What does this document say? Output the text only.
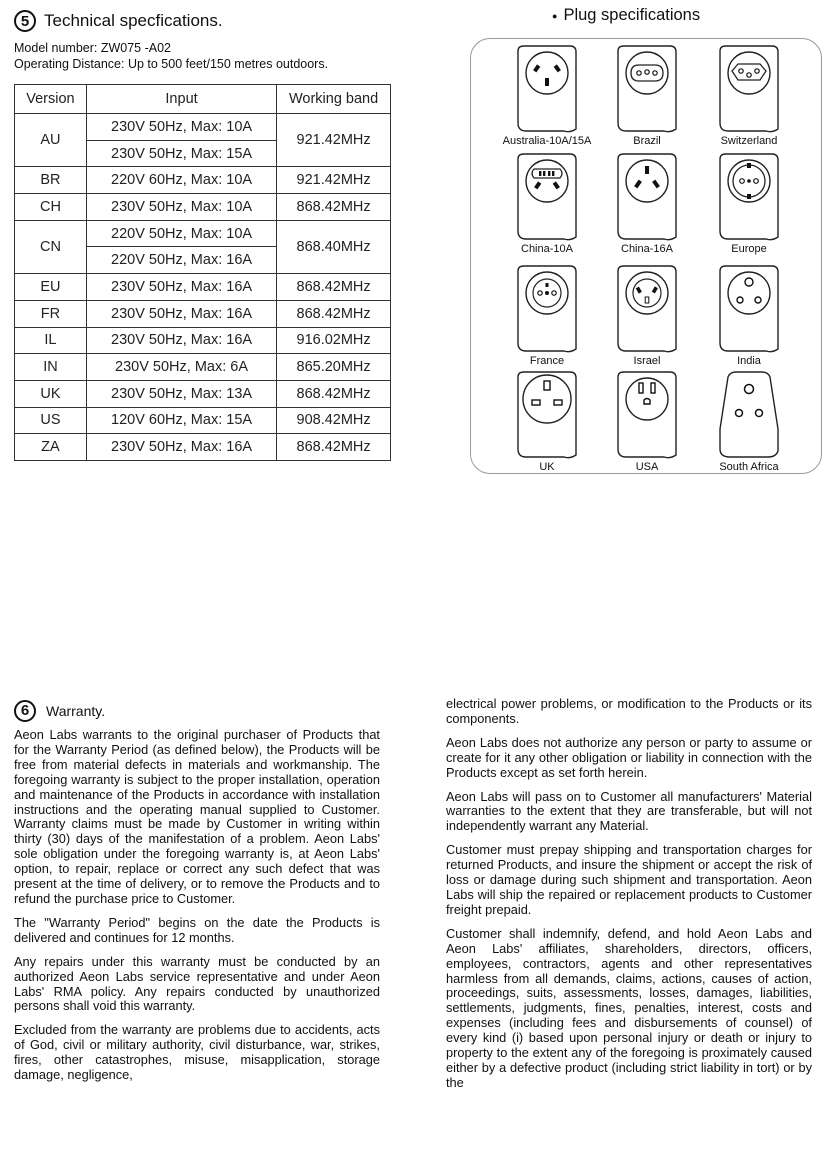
5 Technical specfications.
Model number: ZW075 -A02
Operating Distance: Up to 500 feet/150 metres outdoors.
Version	Input	Working band
AU	230V 50Hz, Max: 10A	921.42MHz
	230V 50Hz, Max: 15A	
BR	220V 60Hz, Max: 10A	921.42MHz
CH	230V 50Hz, Max: 10A	868.42MHz
CN	220V 50Hz, Max: 10A	868.40MHz
	220V 50Hz, Max: 16A	
EU	230V 50Hz, Max: 16A	868.42MHz
FR	230V 50Hz, Max: 16A	868.42MHz
IL	230V 50Hz, Max: 16A	916.02MHz
IN	230V 50Hz, Max: 6A	865.20MHz
UK	230V 50Hz, Max: 13A	868.42MHz
US	120V 60Hz, Max: 15A	908.42MHz
ZA	230V 50Hz, Max: 16A	868.42MHz
● Plug specifications
Australia-10A/15A	Brazil	Switzerland
China-10A	China-16A	Europe
France	Israel	India
UK	USA	South Africa
6	Warranty.

Aeon Labs warrants to the original purchaser of Products that for the Warranty Period (as defined below), the Products will be free from material defects in materials and workmanship. The foregoing warranty is subject to the proper installation, operation and maintenance of the Products in accordance with installation instructions and the operating manual supplied to Customer. Warranty claims must be made by Customer in writing within thirty (30) days of the manifestation of a problem. Aeon Labs' sole obligation under the foregoing warranty is, at Aeon Labs' option, to repair, replace or correct any such defect that was present at the time of delivery, or to remove the Products and to refund the purchase price to Customer.

The "Warranty Period" begins on the date the Products is delivered and continues for 12 months.

Any repairs under this warranty must be conducted by an authorized Aeon Labs service representative and under Aeon Labs' RMA policy. Any repairs conducted by unauthorized persons shall void this warranty.

Excluded from the warranty are problems due to accidents, acts of God, civil or military authority, civil disturbance, war, strikes, fires, other catastrophes, misuse, misapplication, storage damage, negligence,

electrical power problems, or modification to the Products or its components.

Aeon Labs does not authorize any person or party to assume or create for it any other obligation or liability in connection with the Products except as set forth herein.

Aeon Labs will pass on to Customer all manufacturers' Material warranties to the extent that they are transferable, but will not independently warrant any Material.

Customer must prepay shipping and transportation charges for returned Products, and insure the shipment or accept the risk of loss or damage during such shipment and transportation. Aeon Labs will ship the repaired or replacement products to Customer freight prepaid.

Customer shall indemnify, defend, and hold Aeon Labs and Aeon Labs' affiliates, shareholders, directors, officers, employees, contractors, agents and other representatives harmless from all demands, claims, actions, causes of action, proceedings, suits, assessments, losses, damages, liabilities, settlements, judgments, fines, penalties, interest, costs and expenses (including fees and disbursements of counsel) of every kind (i) based upon personal injury or death or injury to property to the extent any of the foregoing is proximately caused either by a defective product (including strict liability in tort) or by the
